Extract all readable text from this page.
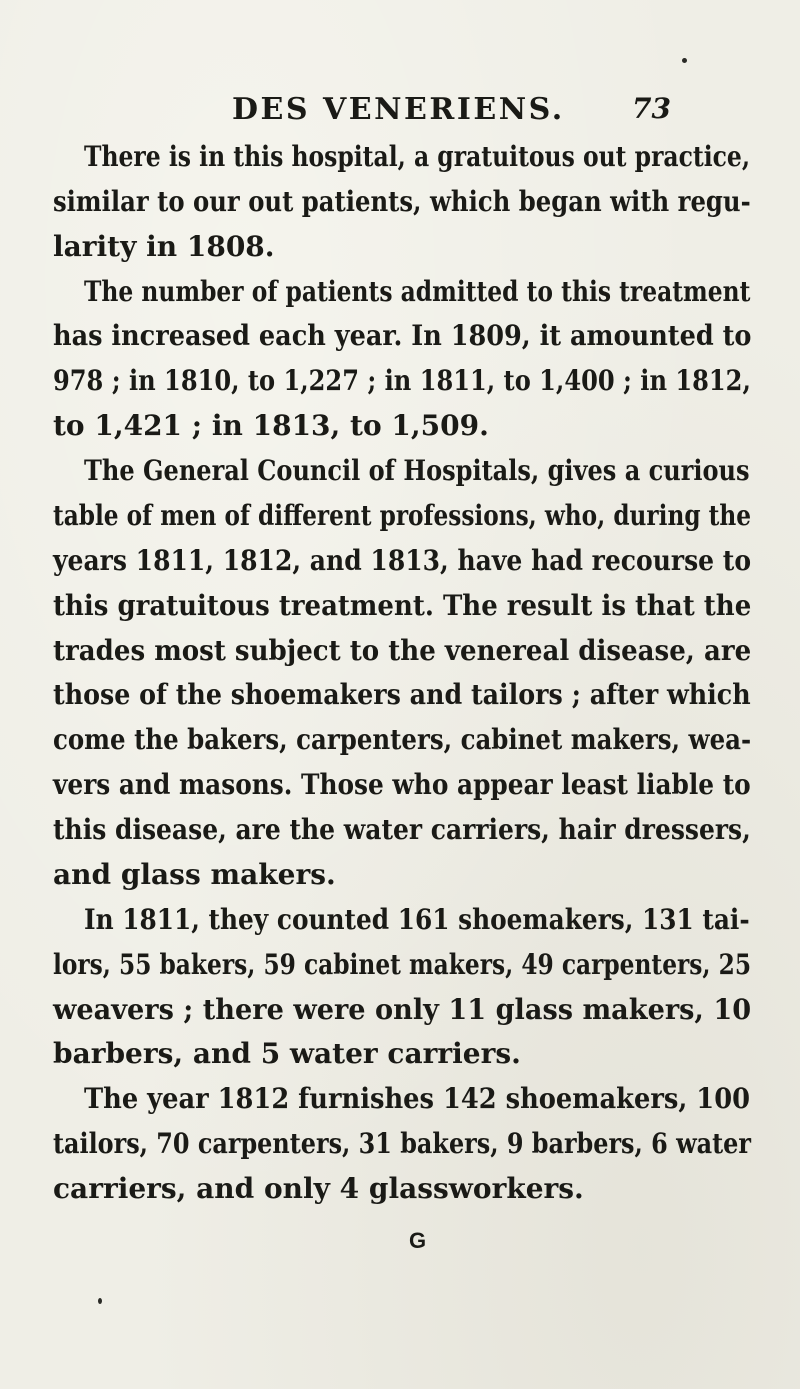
DES VENERIENS. 73
There is in this hospital, a gratuitous out practice,
similar to our out patients, which began with regu-
larity in 1808.
The number of patients admitted to this treatment
has increased each year. In 1809, it amounted to
978 ; in 1810, to 1,227 ; in 1811, to 1,400 ; in 1812,
to 1,421 ; in 1813, to 1,509.
The General Council of Hospitals, gives a curious
table of men of different professions, who, during the
years 1811, 1812, and 1813, have had recourse to
this gratuitous treatment. The result is that the
trades most subject to the venereal disease, are
those of the shoemakers and tailors ; after which
come the bakers, carpenters, cabinet makers, wea-
vers and masons. Those who appear least liable to
this disease, are the water carriers, hair dressers,
and glass makers.
In 1811, they counted 161 shoemakers, 131 tai-
lors, 55 bakers, 59 cabinet makers, 49 carpenters, 25
weavers ; there were only 11 glass makers, 10
barbers, and 5 water carriers.
The year 1812 furnishes 142 shoemakers, 100
tailors, 70 carpenters, 31 bakers, 9 barbers, 6 water
carriers, and only 4 glassworkers.
G
